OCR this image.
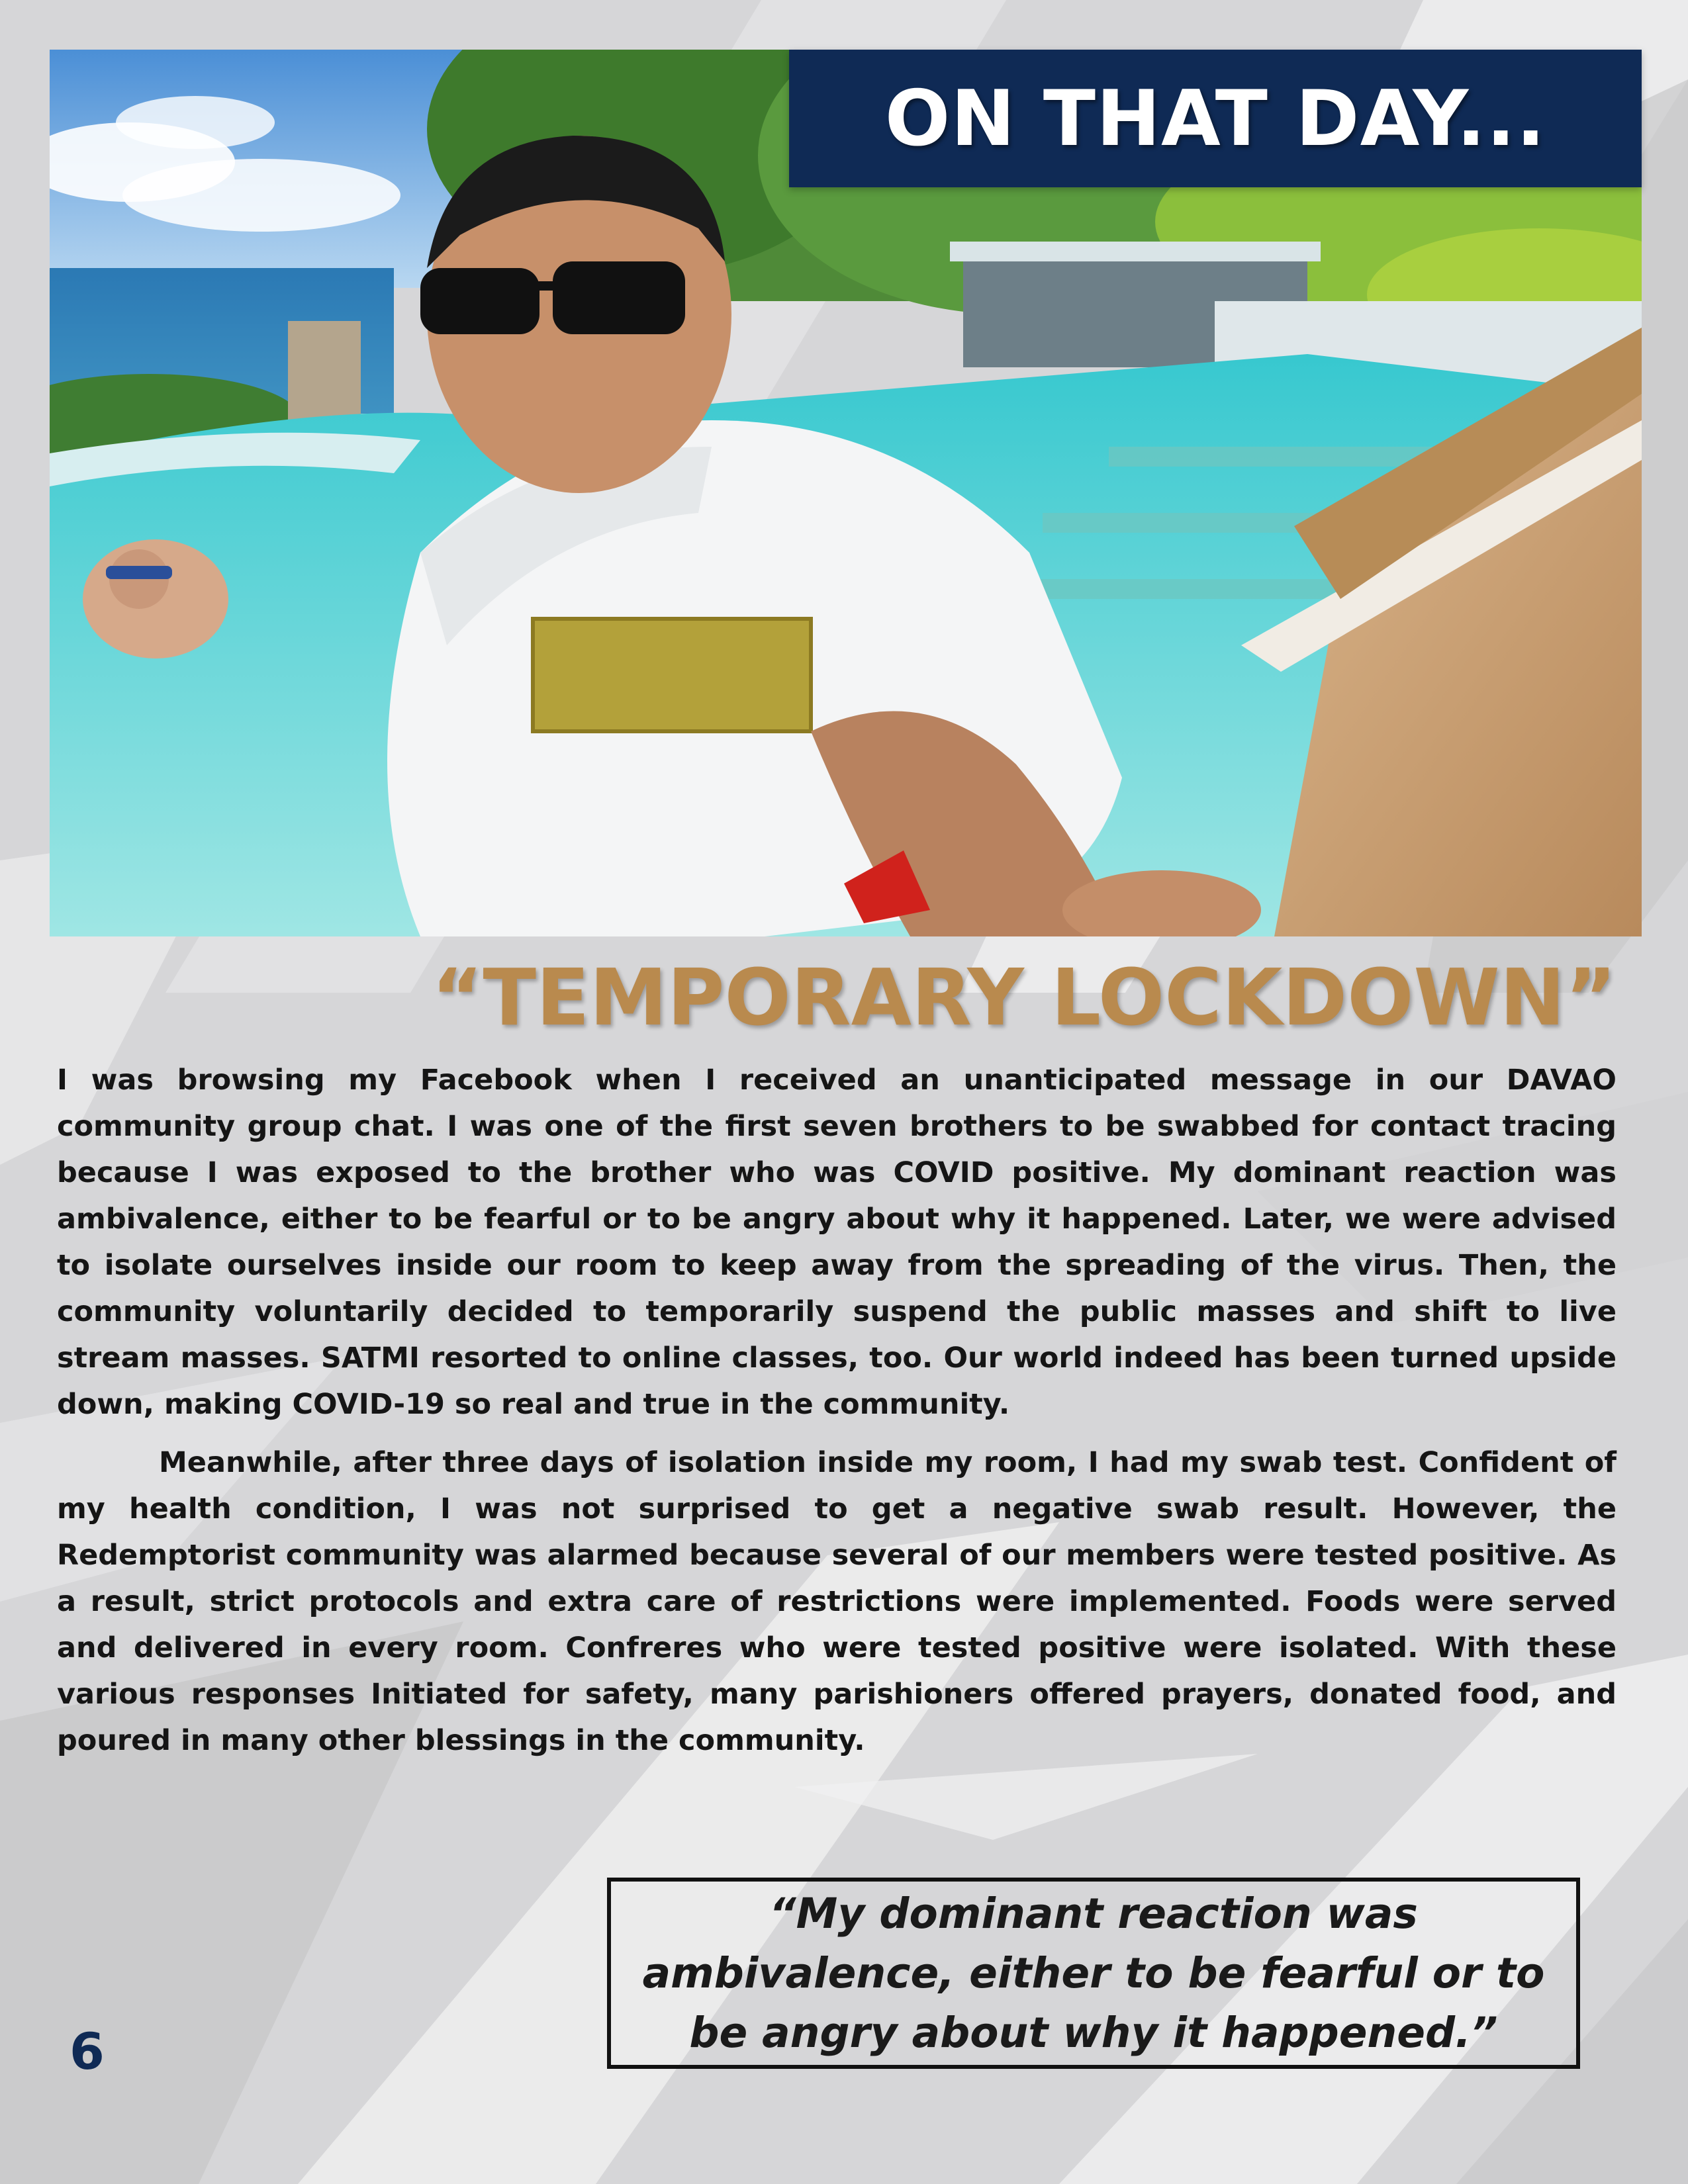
ON THAT DAY...
“TEMPORARY LOCKDOWN”

I was browsing my Facebook when I received an unanticipated message in our DAVAO community group chat. I was one of the first seven brothers to be swabbed for contact tracing because I was exposed to the brother who was COVID positive. My dominant reaction was ambivalence, either to be fearful or to be angry about why it happened. Later, we were advised to isolate ourselves inside our room to keep away from the spreading of the virus. Then, the community voluntarily decided to temporarily suspend the public masses and shift to live stream masses. SATMI resorted to online classes, too. Our world indeed has been turned upside down, making COVID-19 so real and true in the community.

Meanwhile, after three days of isolation inside my room, I had my swab test. Confident of my health condition, I was not surprised to get a negative swab result. However, the Redemptorist community was alarmed because several of our members were tested positive. As a result, strict protocols and extra care of restrictions were implemented. Foods were served and delivered in every room. Confreres who were tested positive were isolated. With these various responses Initiated for safety, many parishioners offered prayers, donated food, and poured in many other blessings in the community.

“My dominant reaction was ambivalence, either to be fearful or to be angry about why it happened.”

6
